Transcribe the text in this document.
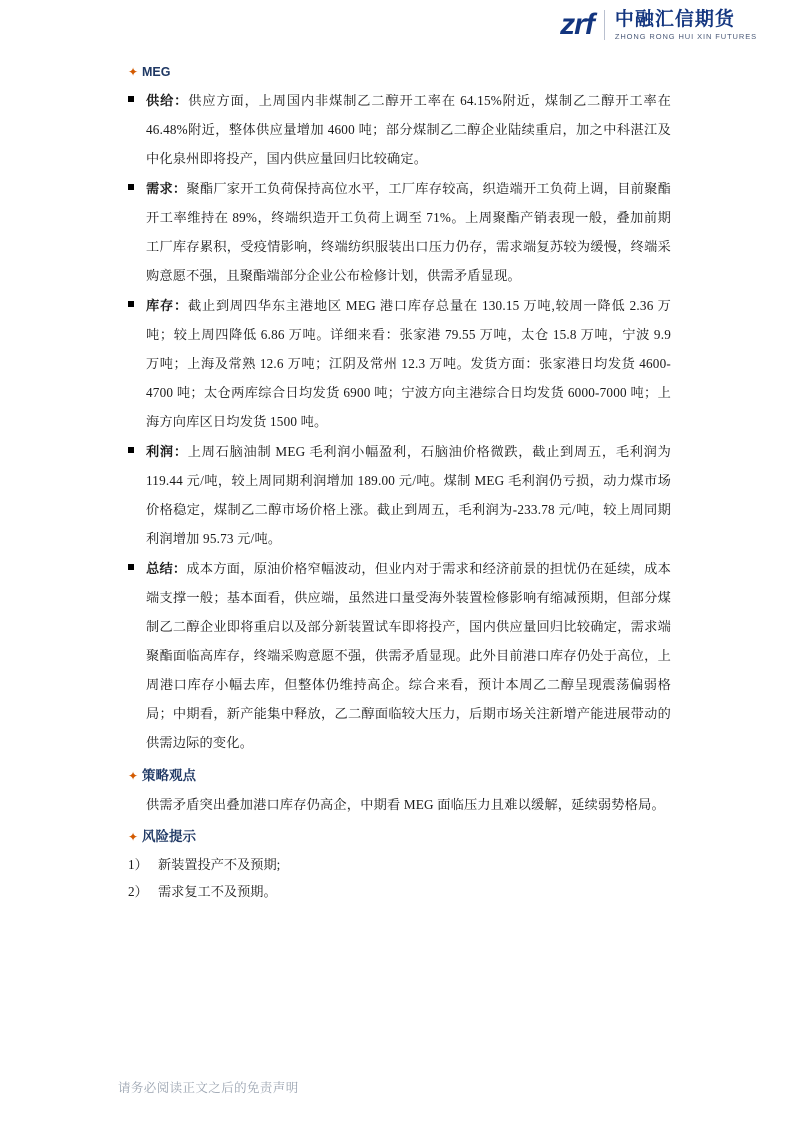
zrf 中融汇信期货
ZHONG RONG HUI XIN FUTURES
✦ MEG
供给：供应方面，上周国内非煤制乙二醇开工率在 64.15%附近，煤制乙二醇开工率在 46.48%附近，整体供应量增加 4600 吨；部分煤制乙二醇企业陆续重启，加之中科湛江及中化泉州即将投产，国内供应量回归比较确定。
需求：聚酯厂家开工负荷保持高位水平，工厂库存较高，织造端开工负荷上调，目前聚酯开工率维持在 89%，终端织造开工负荷上调至 71%。上周聚酯产销表现一般，叠加前期工厂库存累积，受疫情影响，终端纺织服装出口压力仍存，需求端复苏较为缓慢，终端采购意愿不强，且聚酯端部分企业公布检修计划，供需矛盾显现。
库存：截止到周四华东主港地区 MEG 港口库存总量在 130.15 万吨,较周一降低 2.36 万吨；较上周四降低 6.86 万吨。详细来看：张家港 79.55 万吨，太仓 15.8 万吨，宁波 9.9 万吨；上海及常熟 12.6 万吨；江阴及常州 12.3 万吨。发货方面：张家港日均发货 4600-4700 吨；太仓两库综合日均发货 6900 吨；宁波方向主港综合日均发货 6000-7000 吨；上海方向库区日均发货 1500 吨。
利润：上周石脑油制 MEG 毛利润小幅盈利，石脑油价格微跌，截止到周五，毛利润为 119.44 元/吨，较上周同期利润增加 189.00 元/吨。煤制 MEG 毛利润仍亏损，动力煤市场价格稳定，煤制乙二醇市场价格上涨。截止到周五，毛利润为-233.78 元/吨，较上周同期利润增加 95.73 元/吨。
总结：成本方面，原油价格窄幅波动，但业内对于需求和经济前景的担忧仍在延续，成本端支撑一般；基本面看，供应端，虽然进口量受海外装置检修影响有缩减预期，但部分煤制乙二醇企业即将重启以及部分新装置试车即将投产，国内供应量回归比较确定，需求端聚酯面临高库存，终端采购意愿不强，供需矛盾显现。此外目前港口库存仍处于高位，上周港口库存小幅去库，但整体仍维持高企。综合来看，预计本周乙二醇呈现震荡偏弱格局；中期看，新产能集中释放，乙二醇面临较大压力，后期市场关注新增产能进展带动的供需边际的变化。
✦ 策略观点
供需矛盾突出叠加港口库存仍高企，中期看 MEG 面临压力且难以缓解，延续弱势格局。
✦ 风险提示
1） 新装置投产不及预期;
2） 需求复工不及预期。
请务必阅读正文之后的免责声明
